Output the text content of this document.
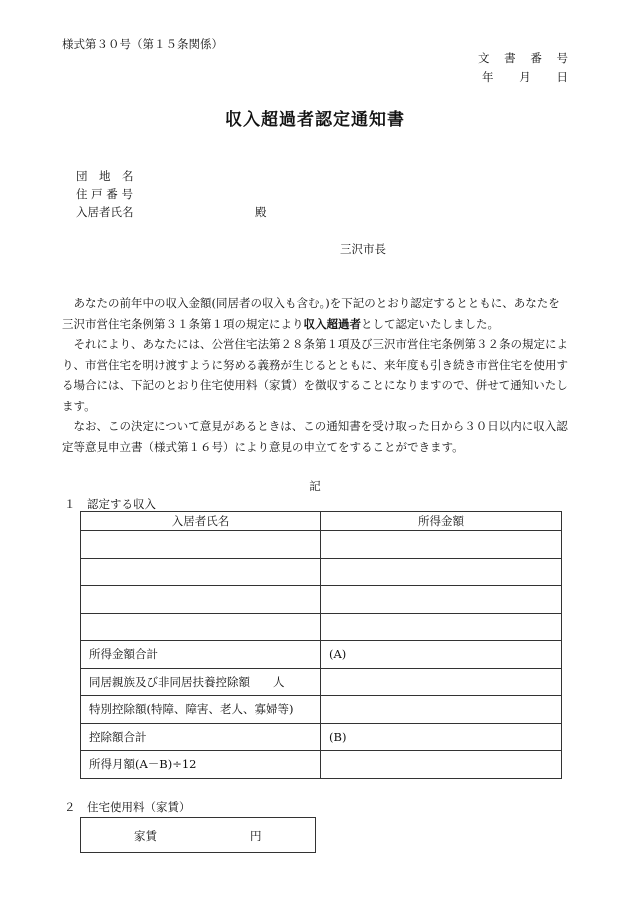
様式第３０号（第１５条関係）
文書番号
年 月 日
収入超過者認定通知書
団　地　名
住 戸 番 号
入居者氏名	殿
三沢市長

あなたの前年中の収入金額(同居者の収入も含む。)を下記のとおり認定するとともに、あなたを三沢市営住宅条例第３１条第１項の規定により収入超過者として認定いたしました。

それにより、あなたには、公営住宅法第２８条第１項及び三沢市営住宅条例第３２条の規定により、市営住宅を明け渡すように努める義務が生じるとともに、来年度も引き続き市営住宅を使用する場合には、下記のとおり住宅使用料（家賃）を徴収することになりますので、併せて通知いたします。

なお、この決定について意見があるときは、この通知書を受け取った日から３０日以内に収入認定等意見申立書（様式第１６号）により意見の申立てをすることができます。

記
１　認定する収入
入居者氏名	所得金額

所得金額合計	(A)
同居親族及び非同居扶養控除額　　人	
特別控除額(特障、障害、老人、寡婦等)	
控除額合計	(B)
所得月額(A－B)÷12	
２　住宅使用料（家賃）
家賃	円
